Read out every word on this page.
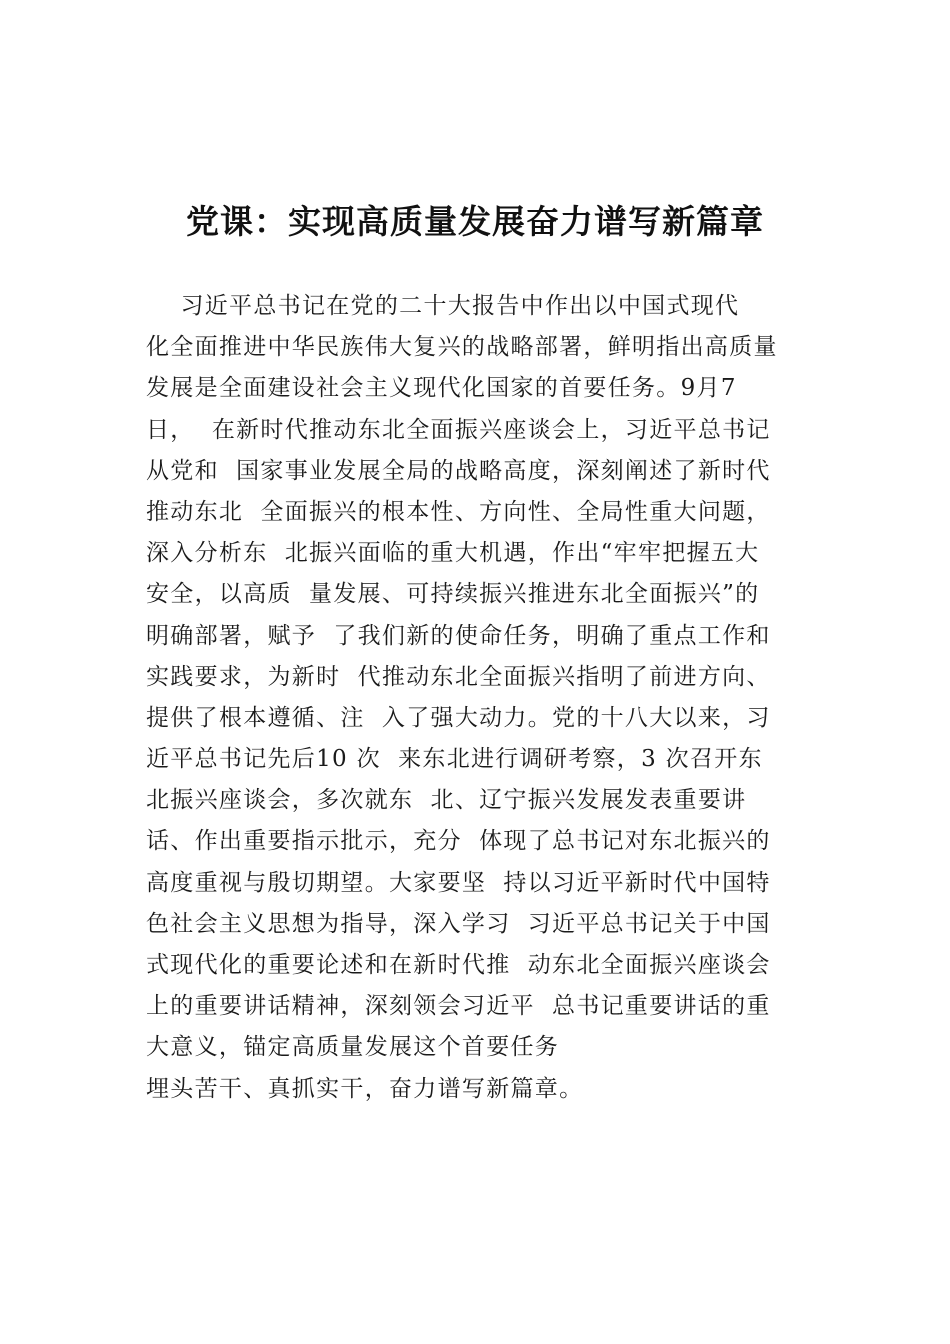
党课：实现高质量发展奋力谱写新篇章
习近平总书记在党的二十大报告中作出以中国式现代
化全面推进中华民族伟大复兴的战略部署，鲜明指出高质量
发展是全面建设社会主义现代化国家的首要任务。9月7
日，  在新时代推动东北全面振兴座谈会上，习近平总书记
从党和  国家事业发展全局的战略高度，深刻阐述了新时代
推动东北  全面振兴的根本性、方向性、全局性重大问题，
深入分析东  北振兴面临的重大机遇，作出“牢牢把握五大
安全，以高质  量发展、可持续振兴推进东北全面振兴”的
明确部署，赋予  了我们新的使命任务，明确了重点工作和
实践要求，为新时  代推动东北全面振兴指明了前进方向、
提供了根本遵循、注  入了强大动力。党的十八大以来，习
近平总书记先后10 次  来东北进行调研考察，3 次召开东
北振兴座谈会，多次就东  北、辽宁振兴发展发表重要讲
话、作出重要指示批示，充分  体现了总书记对东北振兴的
高度重视与殷切期望。大家要坚  持以习近平新时代中国特
色社会主义思想为指导，深入学习  习近平总书记关于中国
式现代化的重要论述和在新时代推  动东北全面振兴座谈会
上的重要讲话精神，深刻领会习近平  总书记重要讲话的重
大意义，锚定高质量发展这个首要任务
埋头苦干、真抓实干，奋力谱写新篇章。
